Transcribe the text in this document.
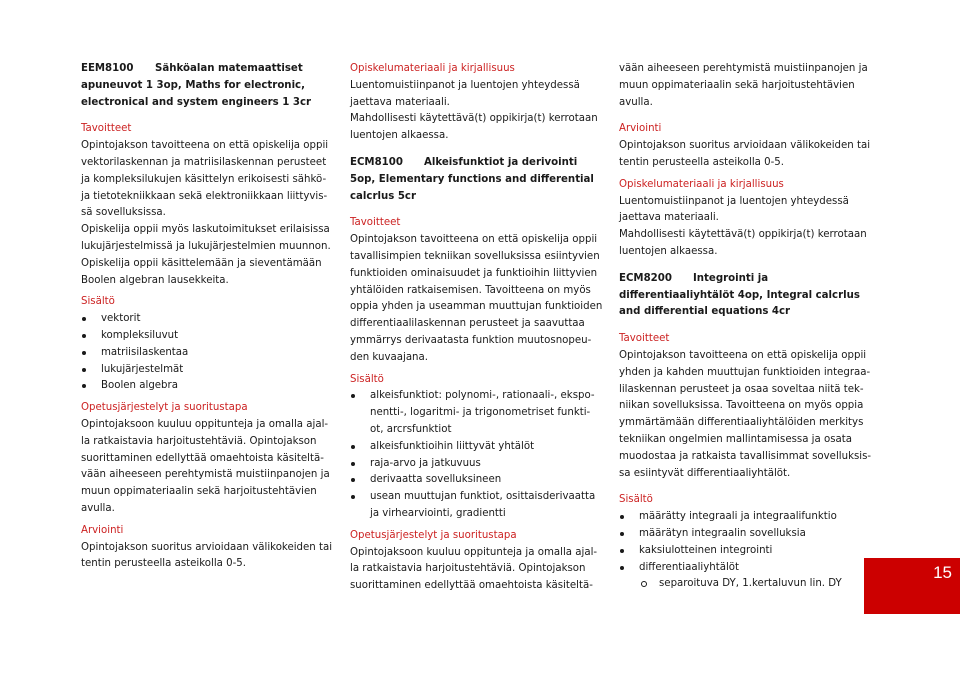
EEM8100 Sähköalan matemaattiset
apuneuvot 1 3op, Maths for electronic,
electronical and system engineers 1 3cr
Tavoitteet
Opintojakson tavoitteena on että opiskelija oppii
vektorilaskennan ja matriisilaskennan perusteet
ja kompleksilukujen käsittelyn erikoisesti sähkö-
ja tietotekniikkaan sekä elektroniikkaan liittyvis-
sä sovelluksissa.
Opiskelija oppii myös laskutoimitukset erilaisissa
lukujärjestelmissä ja lukujärjestelmien muunnon.
Opiskelija oppii käsittelemään ja sieventämään
Boolen algebran lausekkeita.
Sisältö
vektorit
kompleksiluvut
matriisilaskentaa
lukujärjestelmät
Boolen algebra
Opetusjärjestelyt ja suoritustapa
Opintojaksoon kuuluu oppitunteja ja omalla ajal-
la ratkaistavia harjoitustehtäviä. Opintojakson
suorittaminen edellyttää omaehtoista käsiteltä-
vään aiheeseen perehtymistä muistiinpanojen ja
muun oppimateriaalin sekä harjoitustehtävien
avulla.
Arviointi
Opintojakson suoritus arvioidaan välikokeiden tai
tentin perusteella asteikolla 0-5.
Opiskelumateriaali ja kirjallisuus
Luentomuistiinpanot ja luentojen yhteydessä
jaettava materiaali.
Mahdollisesti käytettävä(t) oppikirja(t) kerrotaan
luentojen alkaessa.
ECM8100 Alkeisfunktiot ja derivointi
5op, Elementary functions and differential
calcrlus 5cr
Tavoitteet
Opintojakson tavoitteena on että opiskelija oppii
tavallisimpien tekniikan sovelluksissa esiintyvien
funktioiden ominaisuudet ja funktioihin liittyvien
yhtälöiden ratkaisemisen. Tavoitteena on myös
oppia yhden ja useamman muuttujan funktioiden
differentiaalilaskennan perusteet ja saavuttaa
ymmärrys derivaatasta funktion muutosnopeu-
den kuvaajana.
Sisältö
alkeisfunktiot: polynomi-, rationaali-, ekspo-
nentti-, logaritmi- ja trigonometriset funkti-
ot, arcrsfunktiot
alkeisfunktioihin liittyvät yhtälöt
raja-arvo ja jatkuvuus
derivaatta sovelluksineen
usean muuttujan funktiot, osittaisderivaatta
ja virhearviointi, gradientti
Opetusjärjestelyt ja suoritustapa
Opintojaksoon kuuluu oppitunteja ja omalla ajal-
la ratkaistavia harjoitustehtäviä. Opintojakson
suorittaminen edellyttää omaehtoista käsiteltä-
vään aiheeseen perehtymistä muistiinpanojen ja
muun oppimateriaalin sekä harjoitustehtävien
avulla.
Arviointi
Opintojakson suoritus arvioidaan välikokeiden tai
tentin perusteella asteikolla 0-5.
Opiskelumateriaali ja kirjallisuus
Luentomuistiinpanot ja luentojen yhteydessä
jaettava materiaali.
Mahdollisesti käytettävä(t) oppikirja(t) kerrotaan
luentojen alkaessa.
ECM8200 Integrointi ja
differentiaaliyhtälöt 4op, Integral calcrlus
and differential equations 4cr
Tavoitteet
Opintojakson tavoitteena on että opiskelija oppii
yhden ja kahden muuttujan funktioiden integraa-
lilaskennan perusteet ja osaa soveltaa niitä tek-
niikan sovelluksissa. Tavoitteena on myös oppia
ymmärtämään differentiaaliyhtälöiden merkitys
tekniikan ongelmien mallintamisessa ja osata
muodostaa ja ratkaista tavallisimmat sovelluksis-
sa esiintyvät differentiaaliyhtälöt.
Sisältö
määrätty integraali ja integraalifunktio
määrätyn integraalin sovelluksia
kaksiulotteinen integrointi
differentiaaliyhtälöt
separoituva DY, 1.kertaluvun lin. DY
15
